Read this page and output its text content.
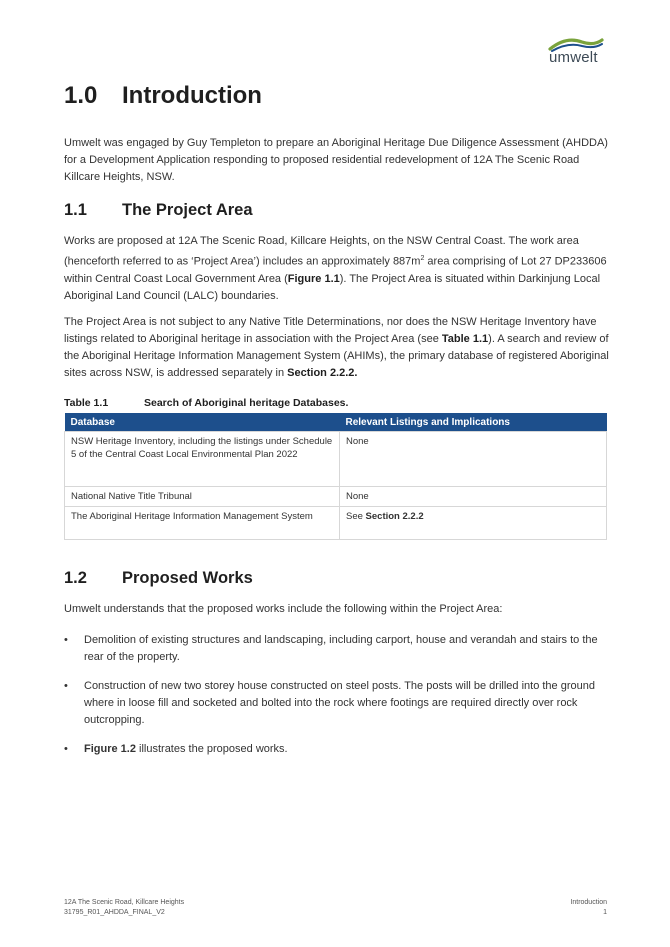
umwelt
1.0 Introduction

Umwelt was engaged by Guy Templeton to prepare an Aboriginal Heritage Due Diligence Assessment (AHDDA) for a Development Application responding to proposed residential redevelopment of 12A The Scenic Road Killcare Heights, NSW.

1.1 The Project Area

Works are proposed at 12A The Scenic Road, Killcare Heights, on the NSW Central Coast. The work area (henceforth referred to as ‘Project Area’) includes an approximately $887m^2$ area comprising of Lot 27 DP233606 within Central Coast Local Government Area (Figure 1.1). The Project Area is situated within Darkinjung Local Aboriginal Land Council (LALC) boundaries.

The Project Area is not subject to any Native Title Determinations, nor does the NSW Heritage Inventory have listings related to Aboriginal heritage in association with the Project Area (see Table 1.1). A search and review of the Aboriginal Heritage Information Management System (AHIMs), the primary database of registered Aboriginal sites across NSW, is addressed separately in Section 2.2.2.

Table 1.1	Search of Aboriginal heritage Databases.
Database	Relevant Listings and Implications
NSW Heritage Inventory, including the listings under Schedule 5 of the Central Coast Local Environmental Plan 2022	None
National Native Title Tribunal	None
The Aboriginal Heritage Information Management System	See Section 2.2.2
1.2 Proposed Works

Umwelt understands that the proposed works include the following within the Project Area:

• Demolition of existing structures and landscaping, including carport, house and verandah and stairs to the rear of the property.
• Construction of new two storey house constructed on steel posts. The posts will be drilled into the ground where in loose fill and socketed and bolted into the rock where footings are required directly over rock outcropping.
• Figure 1.2 illustrates the proposed works.
12A The Scenic Road, Killcare Heights
31795_R01_AHDDA_FINAL_V2
Introduction
1
